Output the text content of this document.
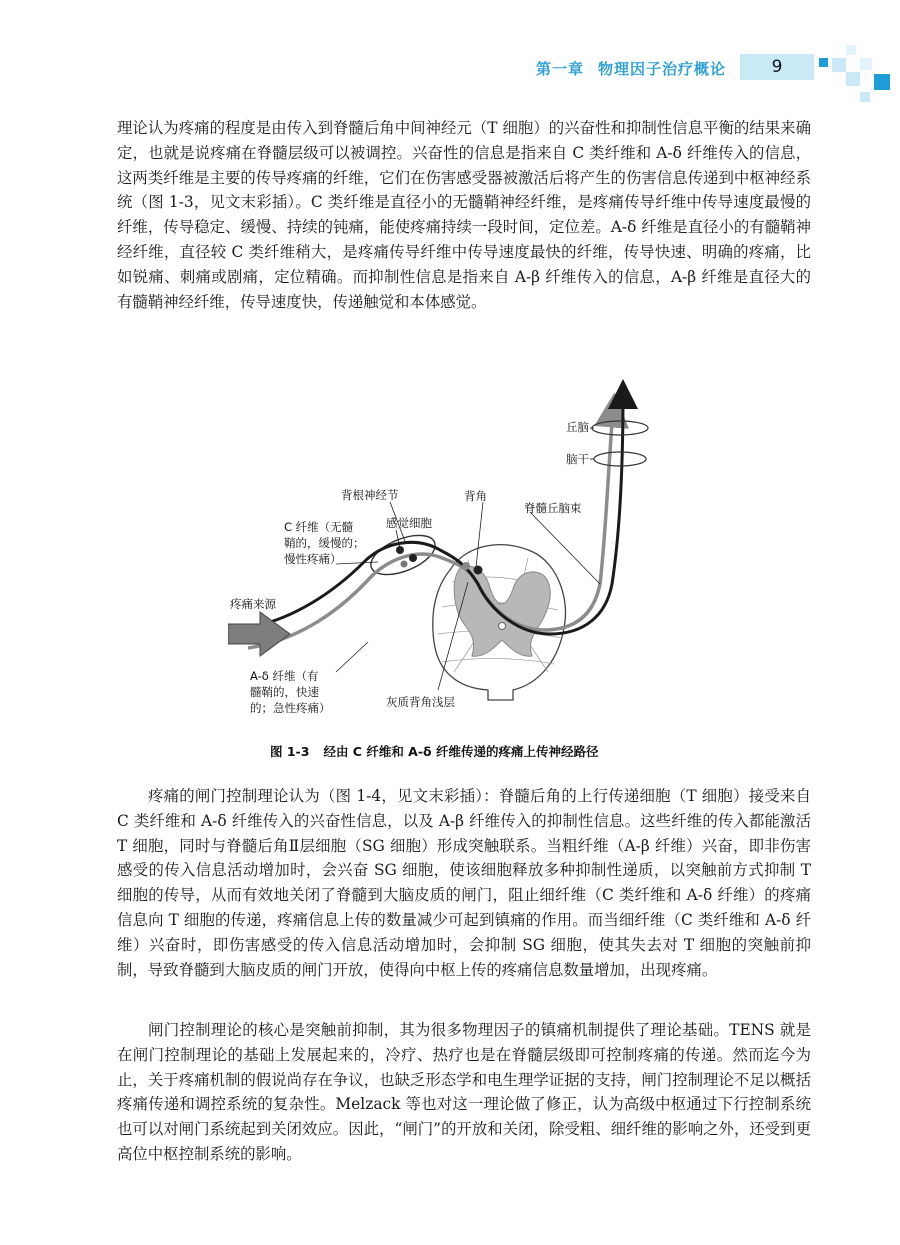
第一章 物理因子治疗概论	9

理论认为疼痛的程度是由传入到脊髓后角中间神经元（T 细胞）的兴奋性和抑制性信息平衡的结果来确定，也就是说疼痛在脊髓层级可以被调控。兴奋性的信息是指来自 C 类纤维和 A-δ 纤维传入的信息，这两类纤维是主要的传导疼痛的纤维，它们在伤害感受器被激活后将产生的伤害信息传递到中枢神经系统（图 1-3，见文末彩插）。C 类纤维是直径小的无髓鞘神经纤维，是疼痛传导纤维中传导速度最慢的纤维，传导稳定、缓慢、持续的钝痛，能使疼痛持续一段时间，定位差。A-δ 纤维是直径小的有髓鞘神经纤维，直径较 C 类纤维稍大，是疼痛传导纤维中传导速度最快的纤维，传导快速、明确的疼痛，比如锐痛、刺痛或剧痛，定位精确。而抑制性信息是指来自 A-β 纤维传入的信息，A-β 纤维是直径大的有髓鞘神经纤维，传导速度快，传递触觉和本体感觉。

丘脑
脑干
背根神经节
感觉细胞
背角
脊髓丘脑束
C 纤维（无髓
鞘的，缓慢的；
慢性疼痛）
疼痛来源
A-δ 纤维（有
髓鞘的，快速
的；急性疼痛）	灰质背角浅层
图 1-3 经由 C 纤维和 A-δ 纤维传递的疼痛上传神经路径

疼痛的闸门控制理论认为（图 1-4，见文末彩插）：脊髓后角的上行传递细胞（T 细胞）接受来自 C 类纤维和 A-δ 纤维传入的兴奋性信息，以及 A-β 纤维传入的抑制性信息。这些纤维的传入都能激活 T 细胞，同时与脊髓后角Ⅱ层细胞（SG 细胞）形成突触联系。当粗纤维（A-β 纤维）兴奋，即非伤害感受的传入信息活动增加时，会兴奋 SG 细胞，使该细胞释放多种抑制性递质，以突触前方式抑制 T 细胞的传导，从而有效地关闭了脊髓到大脑皮质的闸门，阻止细纤维（C 类纤维和 A-δ 纤维）的疼痛信息向 T 细胞的传递，疼痛信息上传的数量减少可起到镇痛的作用。而当细纤维（C 类纤维和 A-δ 纤维）兴奋时，即伤害感受的传入信息活动增加时，会抑制 SG 细胞，使其失去对 T 细胞的突触前抑制，导致脊髓到大脑皮质的闸门开放，使得向中枢上传的疼痛信息数量增加，出现疼痛。

闸门控制理论的核心是突触前抑制，其为很多物理因子的镇痛机制提供了理论基础。TENS 就是在闸门控制理论的基础上发展起来的，冷疗、热疗也是在脊髓层级即可控制疼痛的传递。然而迄今为止，关于疼痛机制的假说尚存在争议，也缺乏形态学和电生理学证据的支持，闸门控制理论不足以概括疼痛传递和调控系统的复杂性。Melzack 等也对这一理论做了修正，认为高级中枢通过下行控制系统也可以对闸门系统起到关闭效应。因此，“闸门”的开放和关闭，除受粗、细纤维的影响之外，还受到更高位中枢控制系统的影响。
